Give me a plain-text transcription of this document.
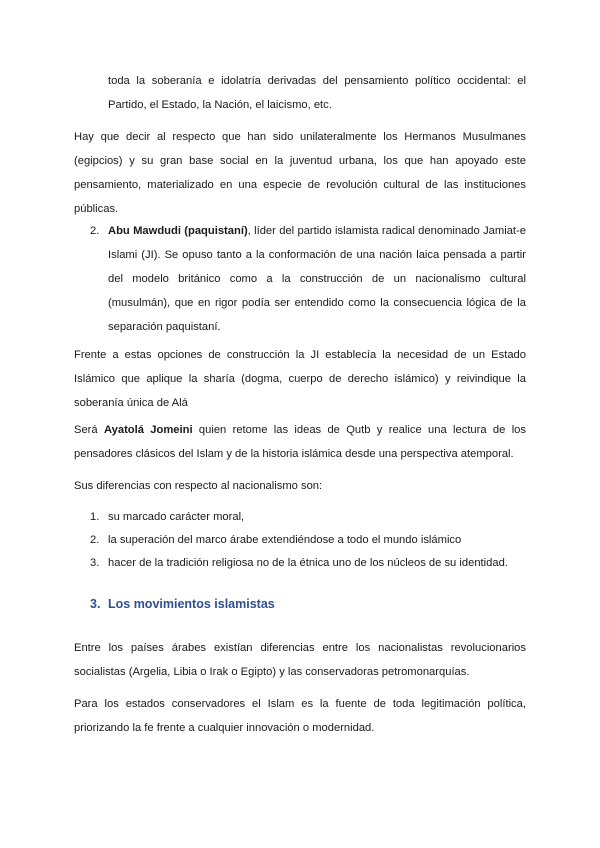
toda la soberanía e idolatría derivadas del pensamiento político occidental: el Partido, el Estado, la Nación, el laicismo, etc.

Hay que decir al respecto que han sido unilateralmente los Hermanos Musulmanes (egipcios) y su gran base social en la juventud urbana, los que han apoyado este pensamiento, materializado en una especie de revolución cultural de las instituciones públicas.

2. Abu Mawdudi (paquistaní), líder del partido islamista radical denominado Jamiat-e Islami (JI). Se opuso tanto a la conformación de una nación laica pensada a partir del modelo británico como a la construcción de un nacionalismo cultural (musulmán), que en rigor podía ser entendido como la consecuencia lógica de la separación paquistaní.

Frente a estas opciones de construcción la JI establecía la necesidad de un Estado Islámico que aplique la sharía (dogma, cuerpo de derecho islámico) y reivindique la soberanía única de Alá

Será Ayatolá Jomeini quien retome las ideas de Qutb y realice una lectura de los pensadores clásicos del Islam y de la historia islámica desde una perspectiva atemporal.

Sus diferencias con respecto al nacionalismo son:

1. su marcado carácter moral,
2. la superación del marco árabe extendiéndose a todo el mundo islámico
3. hacer de la tradición religiosa no de la étnica uno de los núcleos de su identidad.
3. Los movimientos islamistas

Entre los países árabes existían diferencias entre los nacionalistas revolucionarios socialistas (Argelia, Libia o Irak o Egipto) y las conservadoras petromonarquías.

Para los estados conservadores el Islam es la fuente de toda legitimación política, priorizando la fe frente a cualquier innovación o modernidad.
